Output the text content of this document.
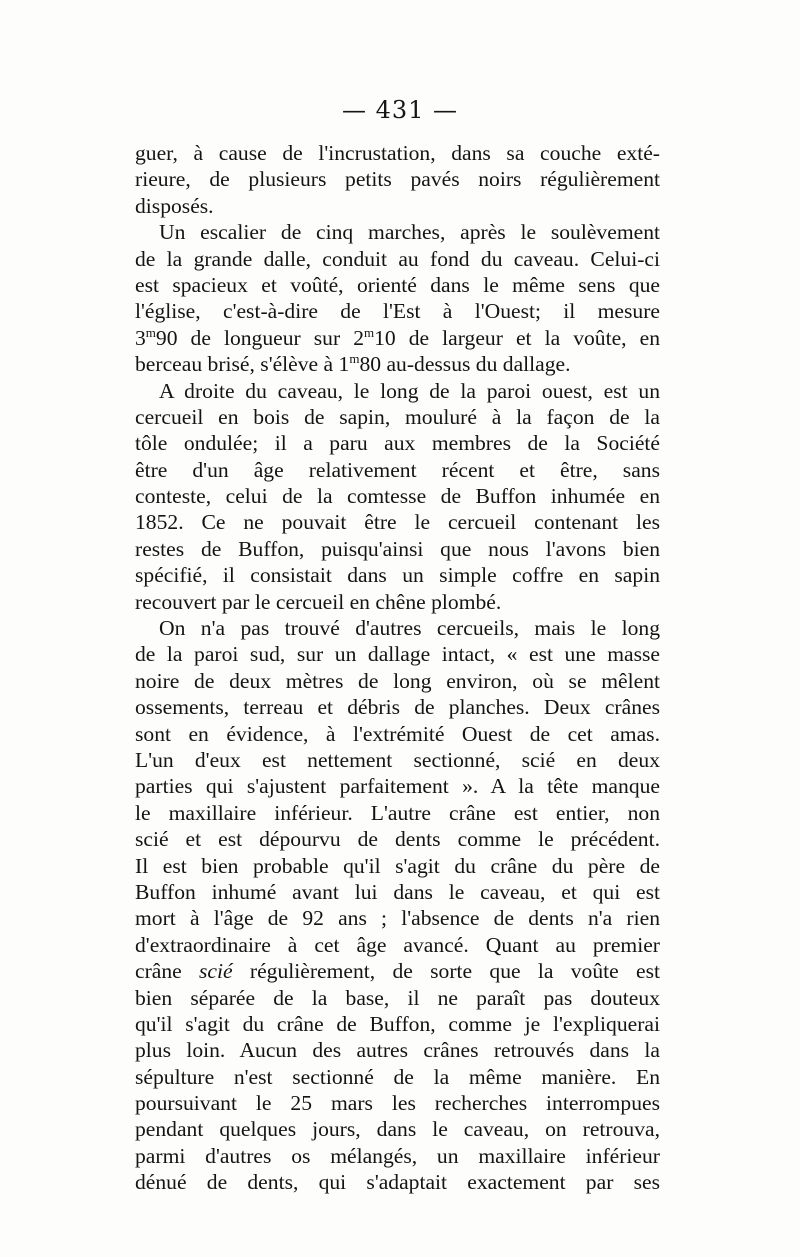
— 431 —
guer, à cause de l'incrustation, dans sa couche exté-
rieure, de plusieurs petits pavés noirs régulièrement
disposés.
Un escalier de cinq marches, après le soulèvement
de la grande dalle, conduit au fond du caveau. Celui-ci
est spacieux et voûté, orienté dans le même sens que
l'église, c'est-à-dire de l'Est à l'Ouest; il mesure
3$^m$90 de longueur sur 2$^m$10 de largeur et la voûte, en
berceau brisé, s'élève à 1$^m$80 au-dessus du dallage.
A droite du caveau, le long de la paroi ouest, est un
cercueil en bois de sapin, mouluré à la façon de la
tôle ondulée; il a paru aux membres de la Société
être d'un âge relativement récent et être, sans
conteste, celui de la comtesse de Buffon inhumée en
1852. Ce ne pouvait être le cercueil contenant les
restes de Buffon, puisqu'ainsi que nous l'avons bien
spécifié, il consistait dans un simple coffre en sapin
recouvert par le cercueil en chêne plombé.
On n'a pas trouvé d'autres cercueils, mais le long
de la paroi sud, sur un dallage intact, « est une masse
noire de deux mètres de long environ, où se mêlent
ossements, terreau et débris de planches. Deux crânes
sont en évidence, à l'extrémité Ouest de cet amas.
L'un d'eux est nettement sectionné, scié en deux
parties qui s'ajustent parfaitement ». A la tête manque
le maxillaire inférieur. L'autre crâne est entier, non
scié et est dépourvu de dents comme le précédent.
Il est bien probable qu'il s'agit du crâne du père de
Buffon inhumé avant lui dans le caveau, et qui est
mort à l'âge de 92 ans ; l'absence de dents n'a rien
d'extraordinaire à cet âge avancé. Quant au premier
crâne scié régulièrement, de sorte que la voûte est
bien séparée de la base, il ne paraît pas douteux
qu'il s'agit du crâne de Buffon, comme je l'expliquerai
plus loin. Aucun des autres crânes retrouvés dans la
sépulture n'est sectionné de la même manière. En
poursuivant le 25 mars les recherches interrompues
pendant quelques jours, dans le caveau, on retrouva,
parmi d'autres os mélangés, un maxillaire inférieur
dénué de dents, qui s'adaptait exactement par ses
